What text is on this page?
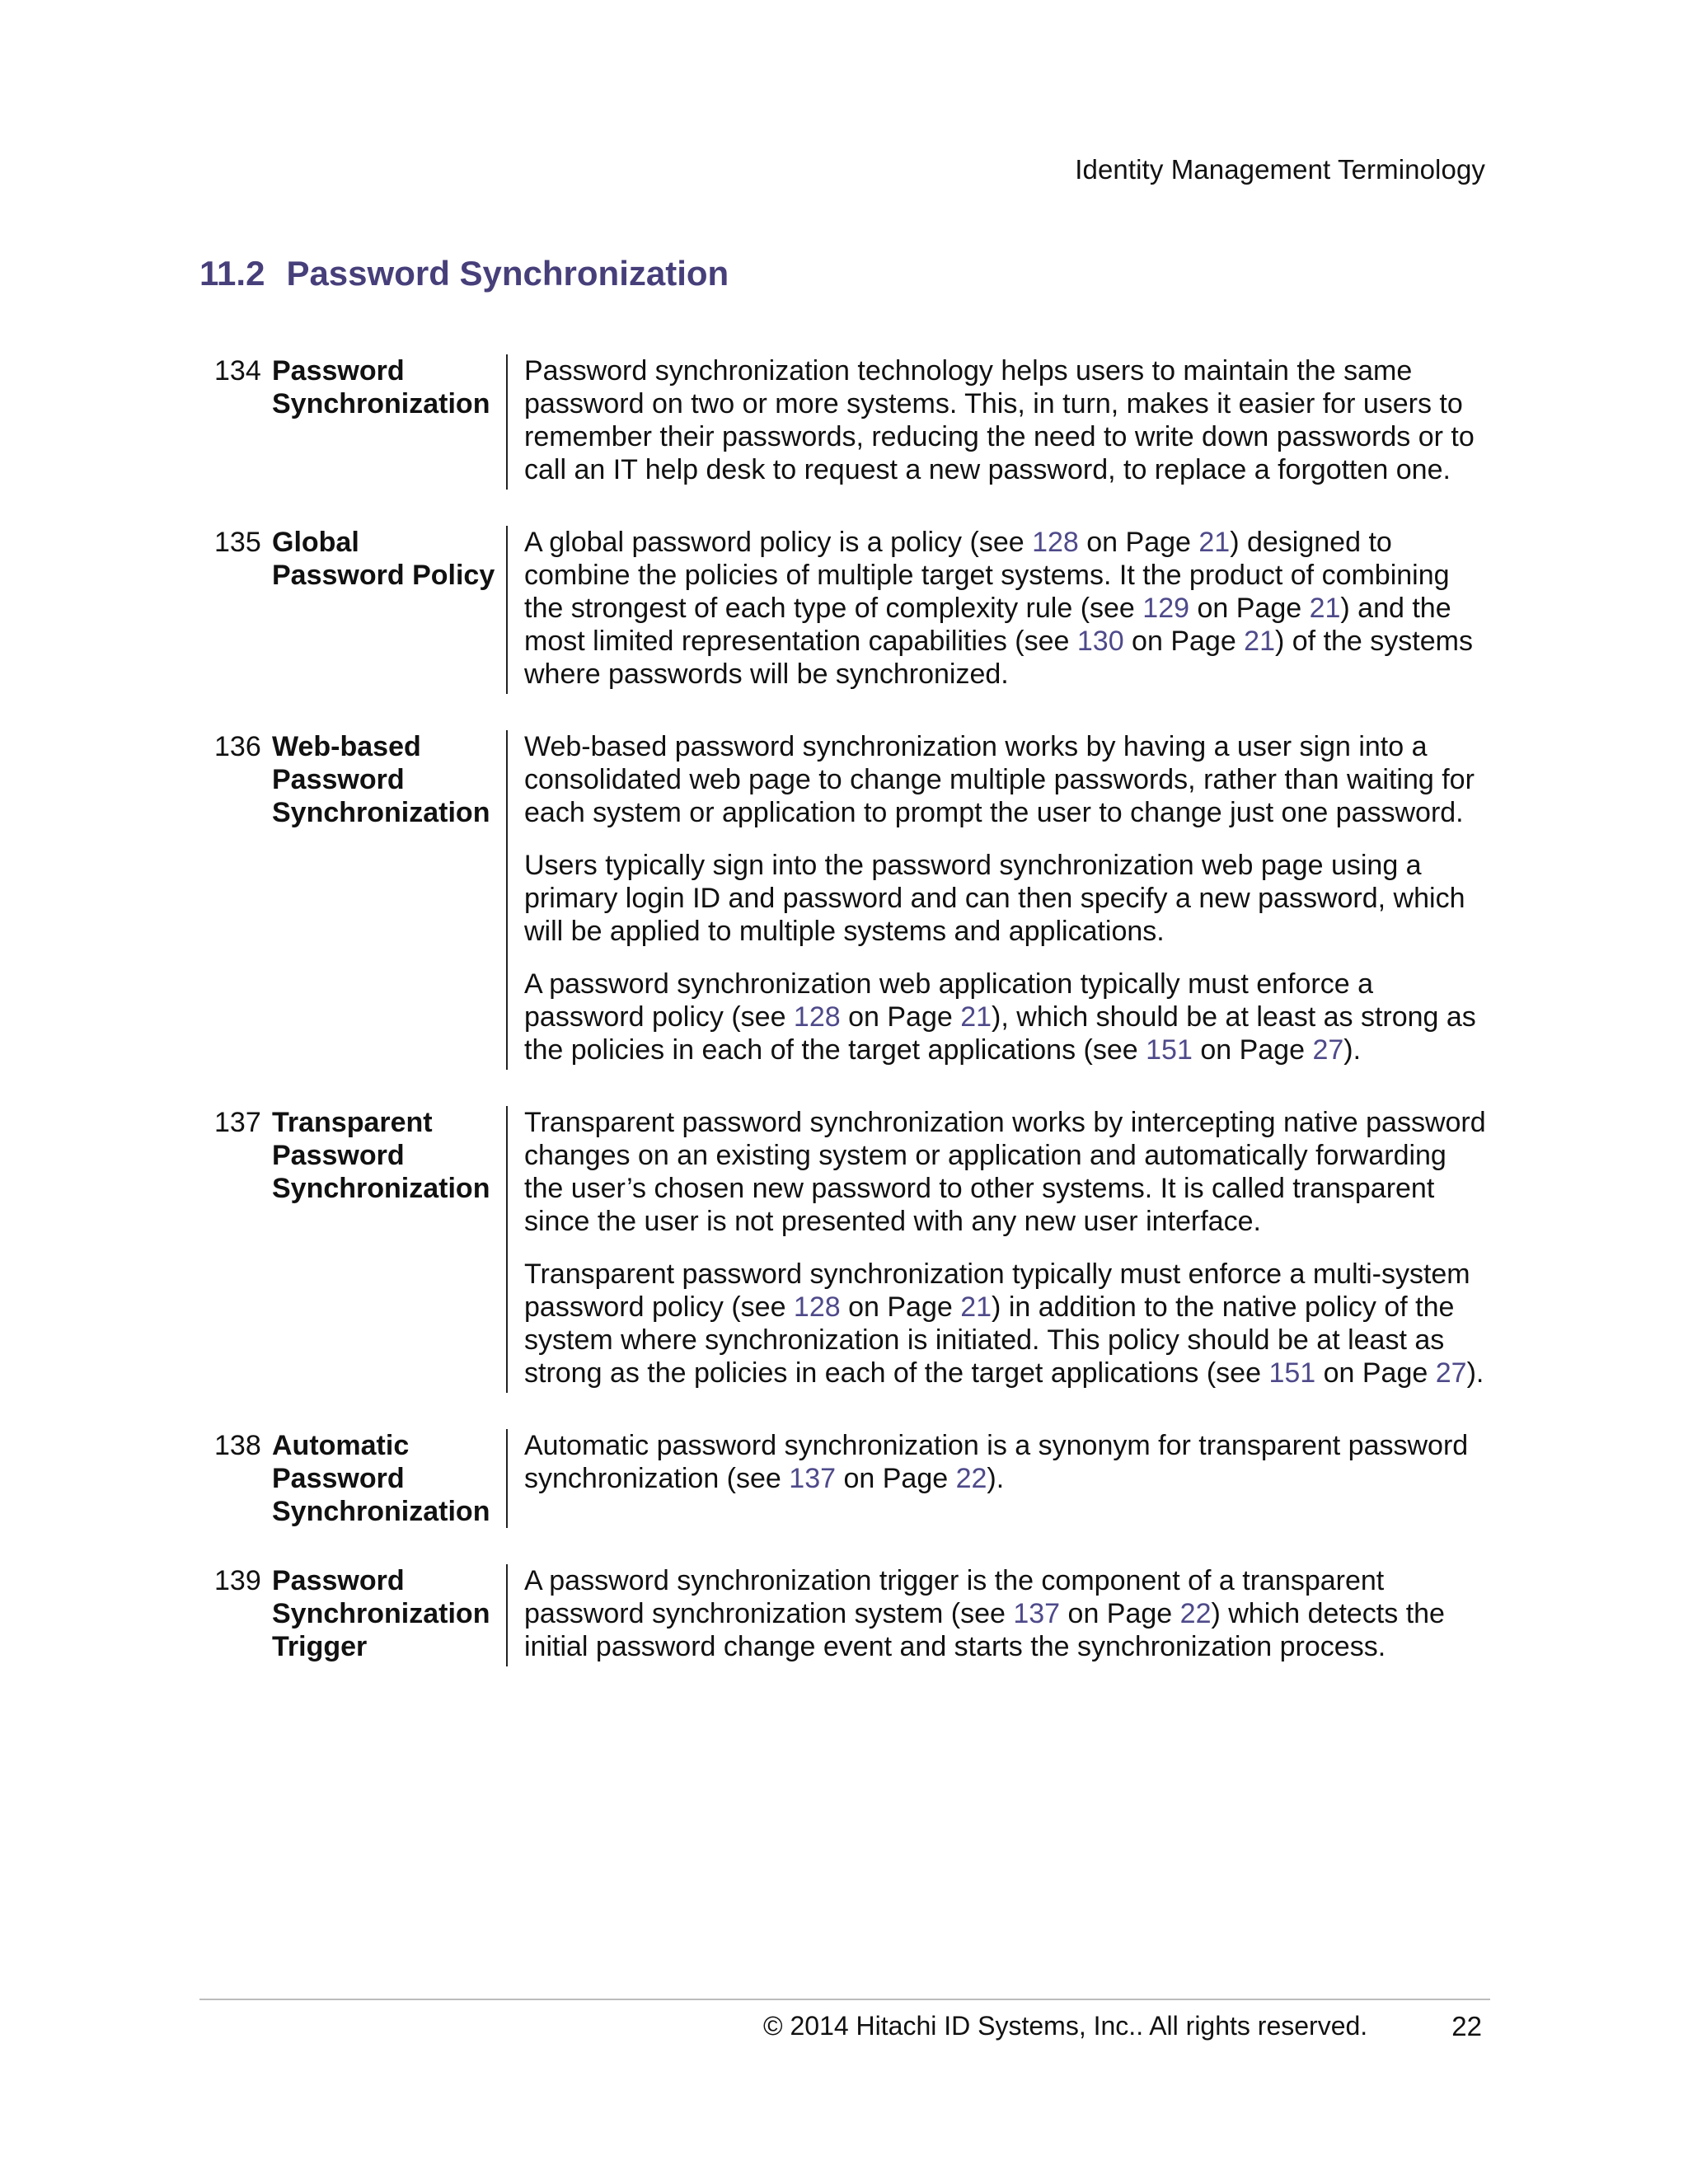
Identity Management Terminology
11.2 Password Synchronization
134 Password
Synchronization

Password synchronization technology helps users to maintain the same password on two or more systems. This, in turn, makes it easier for users to remember their passwords, reducing the need to write down passwords or to call an IT help desk to request a new password, to replace a forgotten one.

135 Global
Password Policy

A global password policy is a policy (see 128 on Page 21) designed to combine the policies of multiple target systems. It the product of combining the strongest of each type of complexity rule (see 129 on Page 21) and the most limited representation capabilities (see 130 on Page 21) of the systems where passwords will be synchronized.

136 Web-based
Password
Synchronization

Web-based password synchronization works by having a user sign into a consolidated web page to change multiple passwords, rather than waiting for each system or application to prompt the user to change just one password.

Users typically sign into the password synchronization web page using a primary login ID and password and can then specify a new password, which will be applied to multiple systems and applications.

A password synchronization web application typically must enforce a password policy (see 128 on Page 21), which should be at least as strong as the policies in each of the target applications (see 151 on Page 27).

137 Transparent
Password
Synchronization

Transparent password synchronization works by intercepting native password changes on an existing system or application and automatically forwarding the user’s chosen new password to other systems. It is called transparent since the user is not presented with any new user interface.

Transparent password synchronization typically must enforce a multi-system password policy (see 128 on Page 21) in addition to the native policy of the system where synchronization is initiated. This policy should be at least as strong as the policies in each of the target applications (see 151 on Page 27).

138 Automatic
Password
Synchronization

Automatic password synchronization is a synonym for transparent password synchronization (see 137 on Page 22).

139 Password
Synchronization
Trigger

A password synchronization trigger is the component of a transparent password synchronization system (see 137 on Page 22) which detects the initial password change event and starts the synchronization process.

© 2014 Hitachi ID Systems, Inc.. All rights reserved.	22
